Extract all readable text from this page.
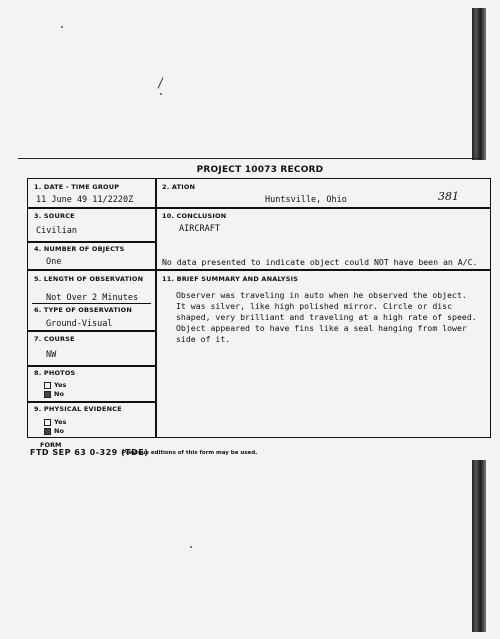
PROJECT 10073 RECORD
1. DATE - TIME GROUP
11 June 49 11/2220Z
2. ATION
Huntsville, Ohio	381
3. SOURCE
Civilian
10. CONCLUSION
AIRCRAFT
No data presented to indicate object could NOT have been an A/C.
4. NUMBER OF OBJECTS
One
5. LENGTH OF OBSERVATION
Not Over 2 Minutes
6. TYPE OF OBSERVATION
Ground-Visual
7. COURSE
NW
8. PHOTOS
Yes
No
9. PHYSICAL EVIDENCE
Yes
No
11. BRIEF SUMMARY AND ANALYSIS
Observer was traveling in auto when he observed the object.
It was silver, like high polished mirror. Circle or disc
shaped, very brilliant and traveling at a high rate of speed.
Object appeared to have fins like a seal hanging from lower
side of it.
FORM
FTD SEP 63 0-329 (TDE)
Previous editions of this form may be used.
